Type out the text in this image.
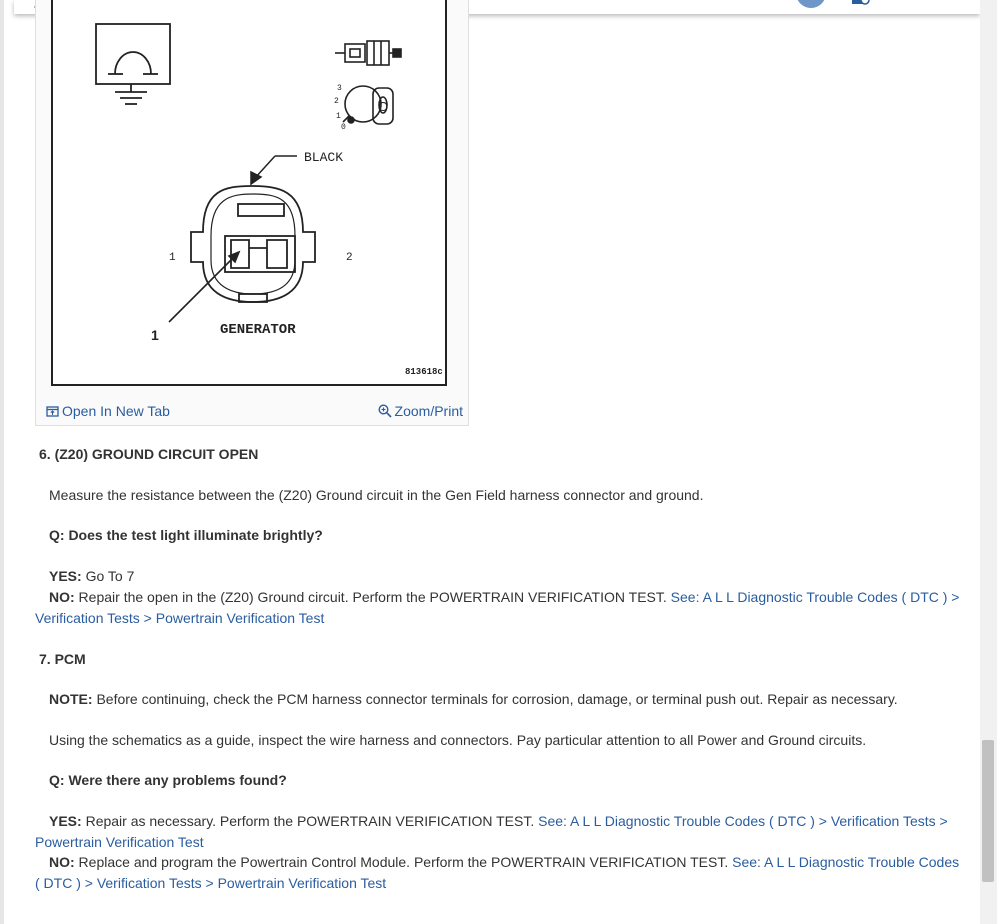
3
2
1
0
BLACK
1	2
1	GENERATOR
813618c
O
Open In New Tab	Zoom/Print
6. (Z20) GROUND CIRCUIT OPEN
Measure the resistance between the (Z20) Ground circuit in the Gen Field harness connector and ground.
Q: Does the test light illuminate brightly?
YES: Go To 7
NO: Repair the open in the (Z20) Ground circuit. Perform the POWERTRAIN VERIFICATION TEST. See: A L L Diagnostic Trouble Codes ( DTC ) > Verification Tests > Powertrain Verification Test
7. PCM
NOTE: Before continuing, check the PCM harness connector terminals for corrosion, damage, or terminal push out. Repair as necessary.
Using the schematics as a guide, inspect the wire harness and connectors. Pay particular attention to all Power and Ground circuits.
Q: Were there any problems found?
YES: Repair as necessary. Perform the POWERTRAIN VERIFICATION TEST. See: A L L Diagnostic Trouble Codes ( DTC ) > Verification Tests > Powertrain Verification Test
NO: Replace and program the Powertrain Control Module. Perform the POWERTRAIN VERIFICATION TEST. See: A L L Diagnostic Trouble Codes ( DTC ) > Verification Tests > Powertrain Verification Test
